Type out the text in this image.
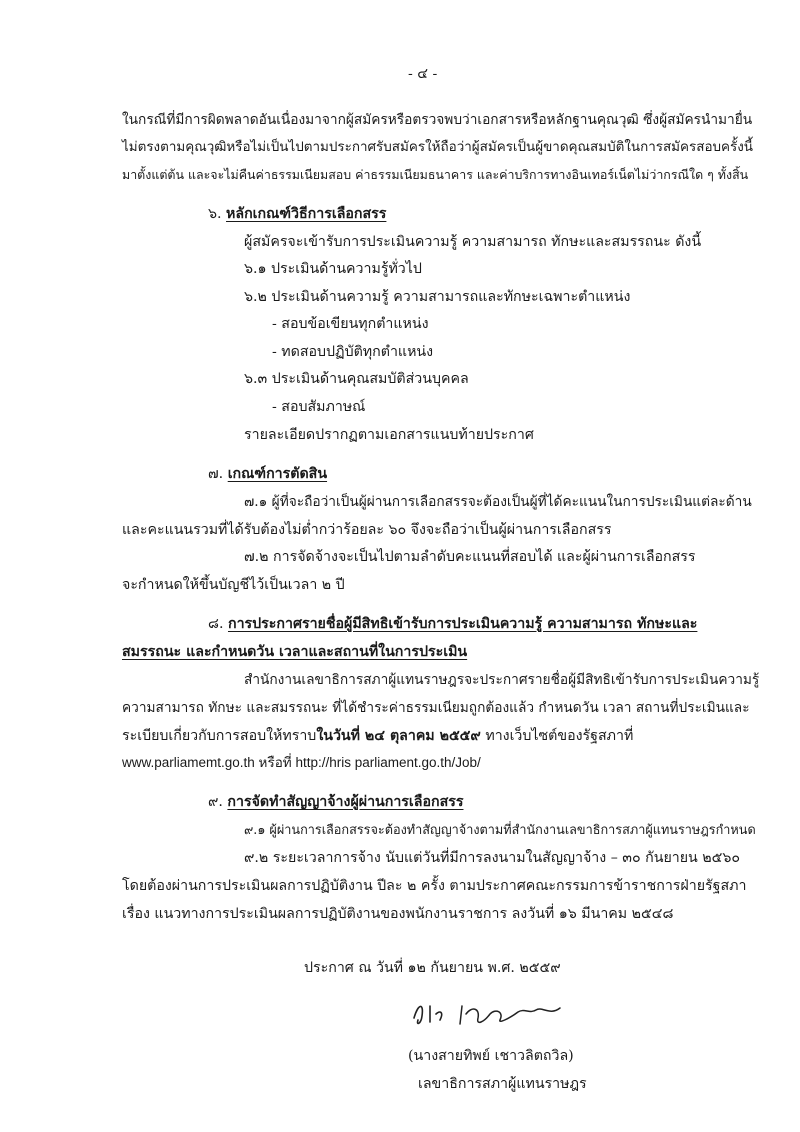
- ๔ -
ในกรณีที่มีการผิดพลาดอันเนื่องมาจากผู้สมัครหรือตรวจพบว่าเอกสารหรือหลักฐานคุณวุฒิ ซึ่งผู้สมัครนำมายื่น
ไม่ตรงตามคุณวุฒิหรือไม่เป็นไปตามประกาศรับสมัครให้ถือว่าผู้สมัครเป็นผู้ขาดคุณสมบัติในการสมัครสอบครั้งนี้
มาตั้งแต่ต้น และจะไม่คืนค่าธรรมเนียมสอบ ค่าธรรมเนียมธนาคาร และค่าบริการทางอินเทอร์เน็ตไม่ว่ากรณีใด ๆ ทั้งสิ้น
๖. หลักเกณฑ์วิธีการเลือกสรร
ผู้สมัครจะเข้ารับการประเมินความรู้ ความสามารถ ทักษะและสมรรถนะ ดังนี้
๖.๑ ประเมินด้านความรู้ทั่วไป
๖.๒ ประเมินด้านความรู้ ความสามารถและทักษะเฉพาะตำแหน่ง
- สอบข้อเขียนทุกตำแหน่ง
- ทดสอบปฏิบัติทุกตำแหน่ง
๖.๓ ประเมินด้านคุณสมบัติส่วนบุคคล
- สอบสัมภาษณ์
รายละเอียดปรากฏตามเอกสารแนบท้ายประกาศ
๗. เกณฑ์การตัดสิน
๗.๑ ผู้ที่จะถือว่าเป็นผู้ผ่านการเลือกสรรจะต้องเป็นผู้ที่ได้คะแนนในการประเมินแต่ละด้าน
และคะแนนรวมที่ได้รับต้องไม่ต่ำกว่าร้อยละ ๖๐ จึงจะถือว่าเป็นผู้ผ่านการเลือกสรร
๗.๒ การจัดจ้างจะเป็นไปตามลำดับคะแนนที่สอบได้ และผู้ผ่านการเลือกสรร
จะกำหนดให้ขึ้นบัญชีไว้เป็นเวลา ๒ ปี
๘. การประกาศรายชื่อผู้มีสิทธิเข้ารับการประเมินความรู้ ความสามารถ ทักษะและ
สมรรถนะ และกำหนดวัน เวลาและสถานที่ในการประเมิน
สำนักงานเลขาธิการสภาผู้แทนราษฎรจะประกาศรายชื่อผู้มีสิทธิเข้ารับการประเมินความรู้
ความสามารถ ทักษะ และสมรรถนะ ที่ได้ชำระค่าธรรมเนียมถูกต้องแล้ว กำหนดวัน เวลา สถานที่ประเมินและ
ระเบียบเกี่ยวกับการสอบให้ทราบในวันที่ ๒๔ ตุลาคม ๒๕๕๙ ทางเว็บไซต์ของรัฐสภาที่
www.parliamemt.go.th หรือที่ http://hris parliament.go.th/Job/
๙. การจัดทำสัญญาจ้างผู้ผ่านการเลือกสรร
๙.๑ ผู้ผ่านการเลือกสรรจะต้องทำสัญญาจ้างตามที่สำนักงานเลขาธิการสภาผู้แทนราษฎรกำหนด
๙.๒ ระยะเวลาการจ้าง นับแต่วันที่มีการลงนามในสัญญาจ้าง – ๓๐ กันยายน ๒๕๖๐
โดยต้องผ่านการประเมินผลการปฏิบัติงาน ปีละ ๒ ครั้ง ตามประกาศคณะกรรมการข้าราชการฝ่ายรัฐสภา
เรื่อง แนวทางการประเมินผลการปฏิบัติงานของพนักงานราชการ ลงวันที่ ๑๖ มีนาคม ๒๕๔๘
ประกาศ ณ วันที่ ๑๒ กันยายน พ.ศ. ๒๕๕๙
(นางสายทิพย์ เชาวลิตถวิล)
เลขาธิการสภาผู้แทนราษฎร
